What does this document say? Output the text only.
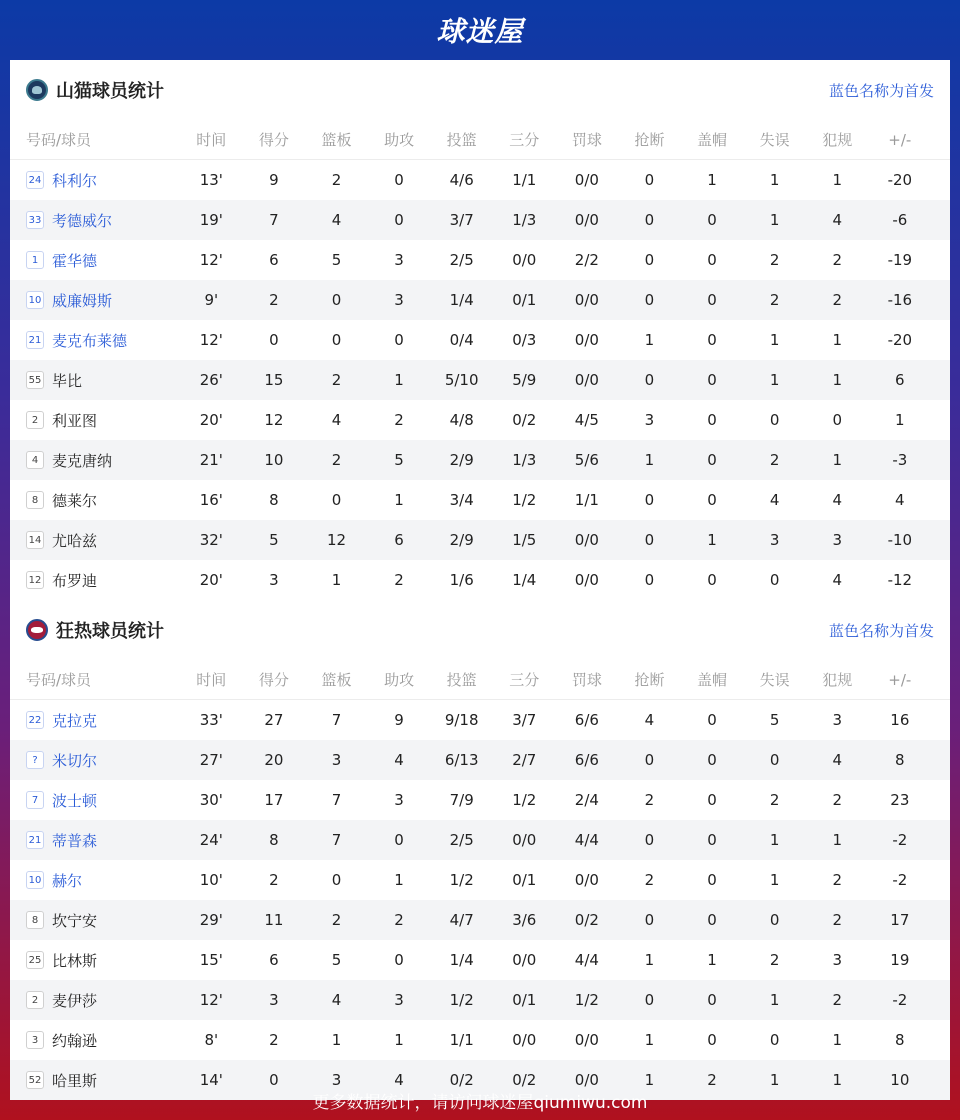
球迷屋
山猫球员统计	蓝色名称为首发
号码/球员	时间	得分	篮板	助攻	投篮	三分	罚球	抢断	盖帽	失误	犯规	+/-
24 科利尔	13'	9	2	0	4/6	1/1	0/0	0	1	1	1	-20
33 考德威尔	19'	7	4	0	3/7	1/3	0/0	0	0	1	4	-6
1 霍华德	12'	6	5	3	2/5	0/0	2/2	0	0	2	2	-19
10 威廉姆斯	9'	2	0	3	1/4	0/1	0/0	0	0	2	2	-16
21 麦克布莱德	12'	0	0	0	0/4	0/3	0/0	1	0	1	1	-20
55 毕比	26'	15	2	1	5/10	5/9	0/0	0	0	1	1	6
2 利亚图	20'	12	4	2	4/8	0/2	4/5	3	0	0	0	1
4 麦克唐纳	21'	10	2	5	2/9	1/3	5/6	1	0	2	1	-3
8 德莱尔	16'	8	0	1	3/4	1/2	1/1	0	0	4	4	4
14 尤哈兹	32'	5	12	6	2/9	1/5	0/0	0	1	3	3	-10
12 布罗迪	20'	3	1	2	1/6	1/4	0/0	0	0	0	4	-12
狂热球员统计	蓝色名称为首发
号码/球员	时间	得分	篮板	助攻	投篮	三分	罚球	抢断	盖帽	失误	犯规	+/-
22 克拉克	33'	27	7	9	9/18	3/7	6/6	4	0	5	3	16
? 米切尔	27'	20	3	4	6/13	2/7	6/6	0	0	0	4	8
7 波士顿	30'	17	7	3	7/9	1/2	2/4	2	0	2	2	23
21 蒂普森	24'	8	7	0	2/5	0/0	4/4	0	0	1	1	-2
10 赫尔	10'	2	0	1	1/2	0/1	0/0	2	0	1	2	-2
8 坎宁安	29'	11	2	2	4/7	3/6	0/2	0	0	0	2	17
25 比林斯	15'	6	5	0	1/4	0/0	4/4	1	1	2	3	19
2 麦伊莎	12'	3	4	3	1/2	0/1	1/2	0	0	1	2	-2
3 约翰逊	8'	2	1	1	1/1	0/0	0/0	1	0	0	1	8
52 哈里斯	14'	0	3	4	0/2	0/2	0/0	1	2	1	1	10
更多数据统计，请访问球迷屋qiumiwu.com
